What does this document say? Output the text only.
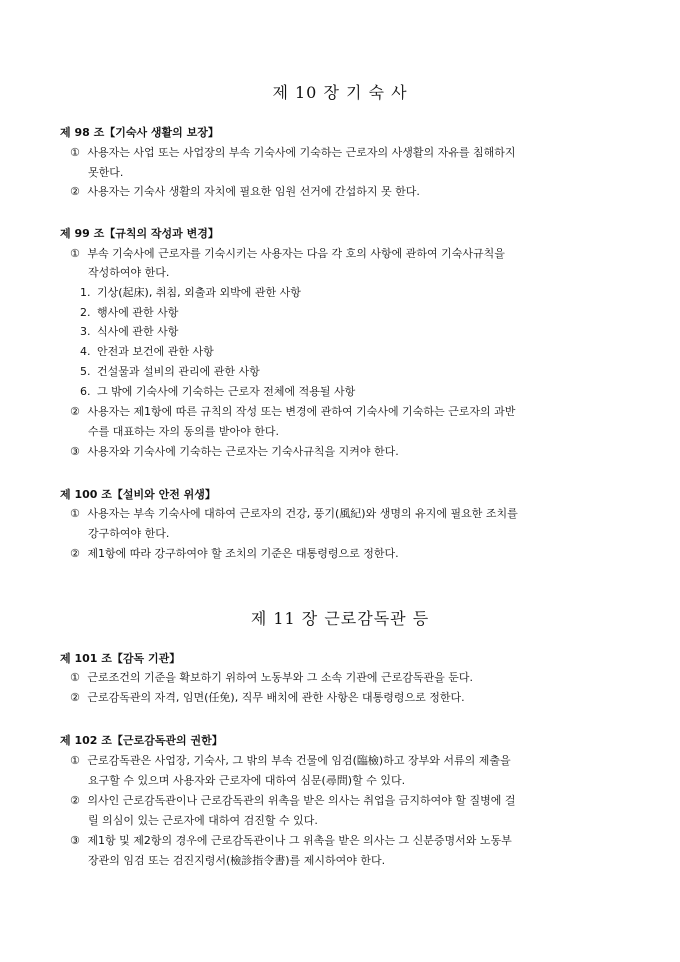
제 10 장 기 숙 사
제 98 조【기숙사 생활의 보장】
① 사용자는 사업 또는 사업장의 부속 기숙사에 기숙하는 근로자의 사생활의 자유를 침해하지
못한다.
② 사용자는 기숙사 생활의 자치에 필요한 임원 선거에 간섭하지 못 한다.
제 99 조【규칙의 작성과 변경】
① 부속 기숙사에 근로자를 기숙시키는 사용자는 다음 각 호의 사항에 관하여 기숙사규칙을
작성하여야 한다.
1. 기상(起床), 취침, 외출과 외박에 관한 사항
2. 행사에 관한 사항
3. 식사에 관한 사항
4. 안전과 보건에 관한 사항
5. 건설물과 설비의 관리에 관한 사항
6. 그 밖에 기숙사에 기숙하는 근로자 전체에 적용될 사항
② 사용자는 제1항에 따른 규칙의 작성 또는 변경에 관하여 기숙사에 기숙하는 근로자의 과반
수를 대표하는 자의 동의를 받아야 한다.
③ 사용자와 기숙사에 기숙하는 근로자는 기숙사규칙을 지켜야 한다.
제 100 조【설비와 안전 위생】
① 사용자는 부속 기숙사에 대하여 근로자의 건강, 풍기(風紀)와 생명의 유지에 필요한 조치를
강구하여야 한다.
② 제1항에 따라 강구하여야 할 조치의 기준은 대통령령으로 정한다.
제 11 장 근로감독관 등
제 101 조【감독 기관】
① 근로조건의 기준을 확보하기 위하여 노동부와 그 소속 기관에 근로감독관을 둔다.
② 근로감독관의 자격, 임면(任免), 직무 배치에 관한 사항은 대통령령으로 정한다.
제 102 조【근로감독관의 권한】
① 근로감독관은 사업장, 기숙사, 그 밖의 부속 건물에 임검(臨檢)하고 장부와 서류의 제출을
요구할 수 있으며 사용자와 근로자에 대하여 심문(尋問)할 수 있다.
② 의사인 근로감독관이나 근로감독관의 위촉을 받은 의사는 취업을 금지하여야 할 질병에 걸
릴 의심이 있는 근로자에 대하여 검진할 수 있다.
③ 제1항 및 제2항의 경우에 근로감독관이나 그 위촉을 받은 의사는 그 신분증명서와 노동부
장관의 임검 또는 검진지령서(檢診指令書)를 제시하여야 한다.
